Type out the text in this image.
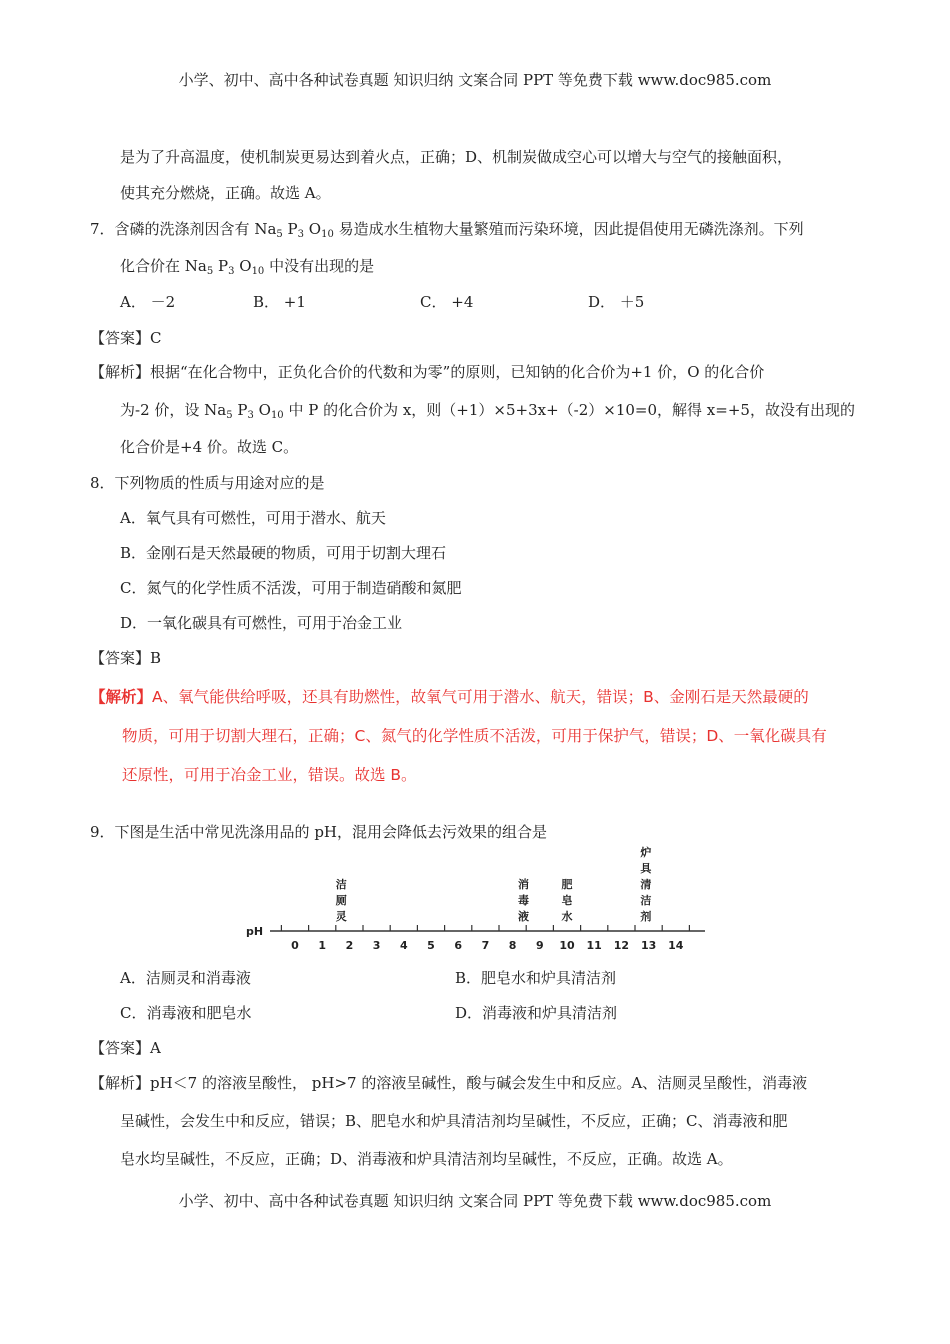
小学、初中、高中各种试卷真题 知识归纳 文案合同 PPT 等免费下载 www.doc985.com
是为了升高温度，使机制炭更易达到着火点，正确；D、机制炭做成空心可以增大与空气的接触面积，
使其充分燃烧，正确。故选 A。
7．含磷的洗涤剂因含有 $Na_5$ $P_3$ $O_{10}$ 易造成水生植物大量繁殖而污染环境，因此提倡使用无磷洗涤剂。下列
化合价在 $Na_5$ $P_3$ $O_{10}$ 中没有出现的是
A． －2	B． +1	C． +4	D． ＋5
【答案】C
【解析】根据“在化合物中，正负化合价的代数和为零”的原则，已知钠的化合价为+1 价，O 的化合价
为-2 价，设 $Na_5$ $P_3$ $O_{10}$ 中 P 的化合价为 x，则（+1）×5+3x+（-2）×10=0，解得 x=+5，故没有出现的
化合价是+4 价。故选 C。
8．下列物质的性质与用途对应的是
A．氧气具有可燃性，可用于潜水、航天
B．金刚石是天然最硬的物质，可用于切割大理石
C．氮气的化学性质不活泼，可用于制造硝酸和氮肥
D．一氧化碳具有可燃性，可用于冶金工业
【答案】B
【解析】A、氧气能供给呼吸，还具有助燃性，故氧气可用于潜水、航天，错误；B、金刚石是天然最硬的
物质，可用于切割大理石，正确；C、氮气的化学性质不活泼，可用于保护气，错误；D、一氧化碳具有
还原性，可用于冶金工业，错误。故选 B。
9．下图是生活中常见洗涤用品的 pH，混用会降低去污效果的组合是
pH
0 1 2 3 4 5 6 7 8 9 10 11 12 13 14
洁
厕
灵
消
毒
液
肥
皂
水
炉
具
清
洁
剂
A．洁厕灵和消毒液	B．肥皂水和炉具清洁剂
C．消毒液和肥皂水	D．消毒液和炉具清洁剂
【答案】A
【解析】pH＜7 的溶液呈酸性， pH>7 的溶液呈碱性，酸与碱会发生中和反应。A、洁厕灵呈酸性，消毒液
呈碱性，会发生中和反应，错误；B、肥皂水和炉具清洁剂均呈碱性，不反应，正确；C、消毒液和肥
皂水均呈碱性，不反应，正确；D、消毒液和炉具清洁剂均呈碱性，不反应，正确。故选 A。
小学、初中、高中各种试卷真题 知识归纳 文案合同 PPT 等免费下载 www.doc985.com
